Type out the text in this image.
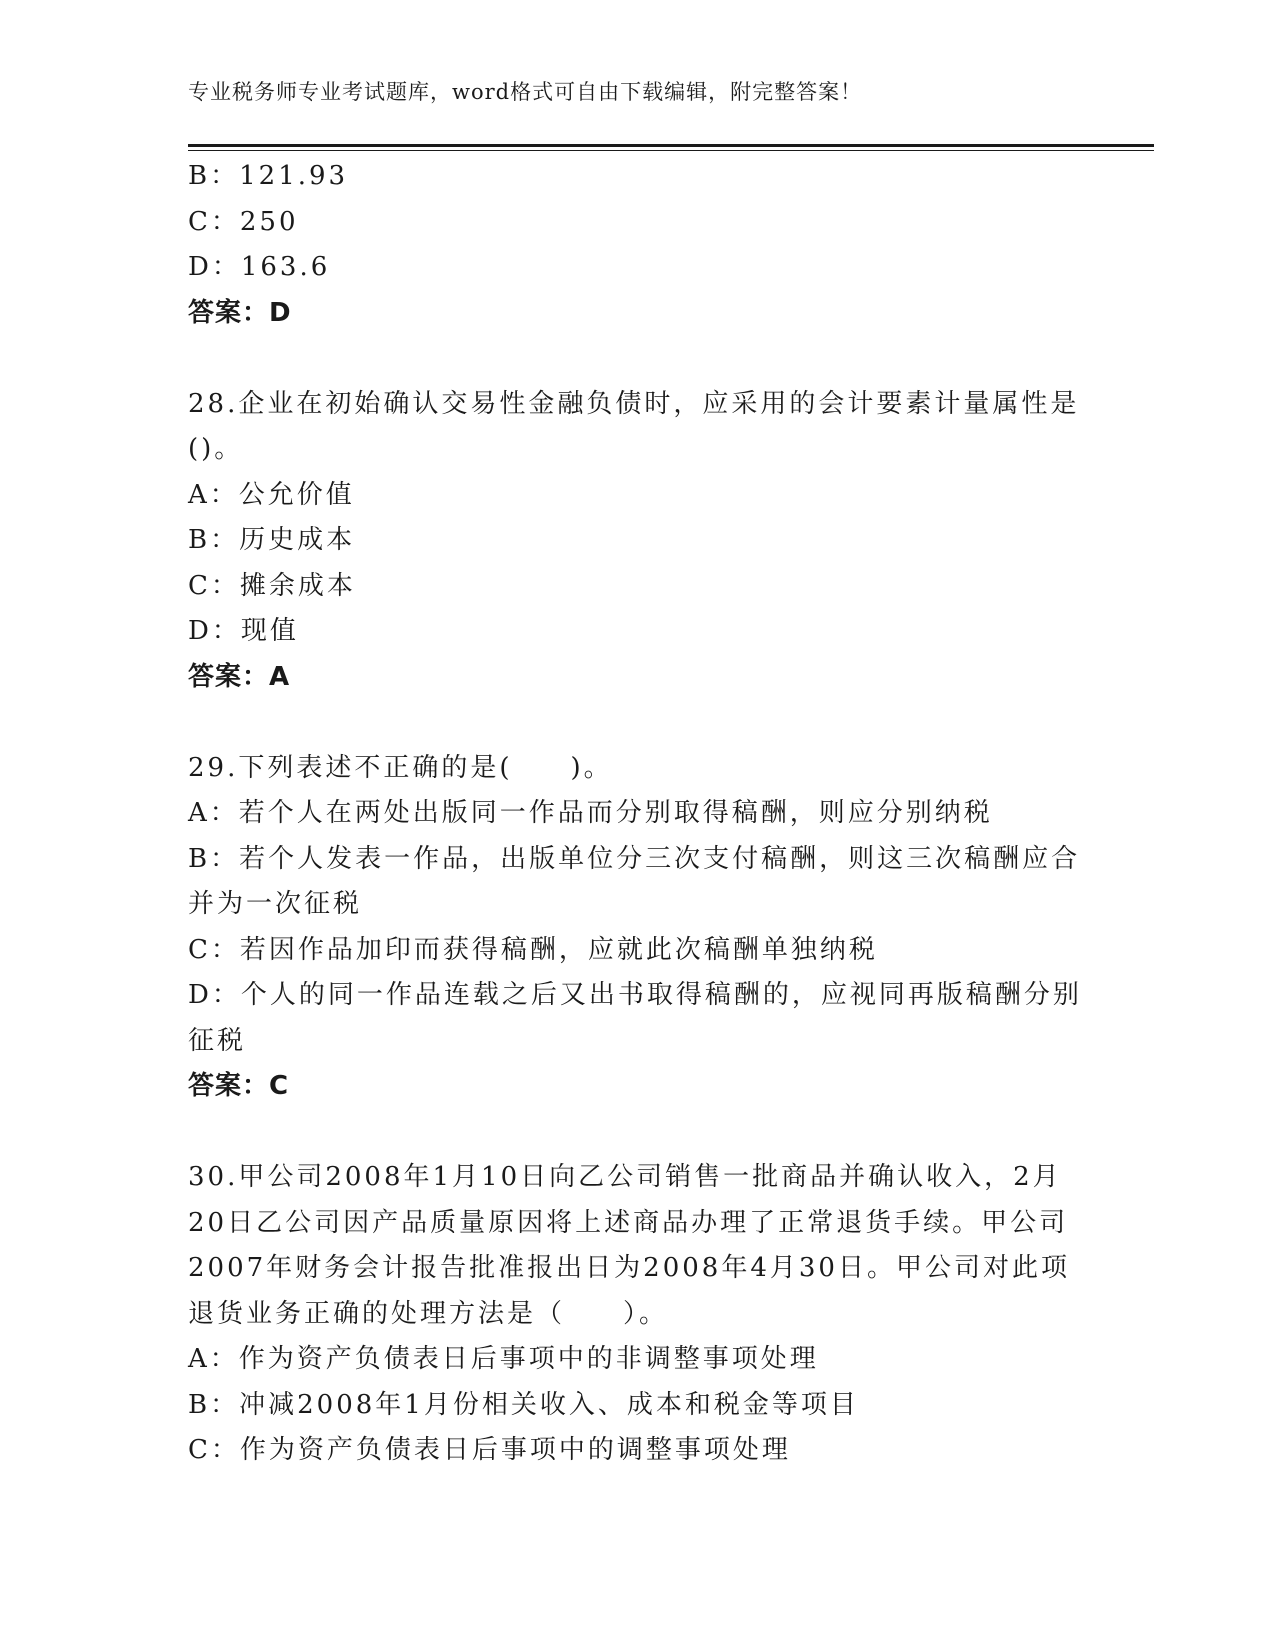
专业税务师专业考试题库，word格式可自由下载编辑，附完整答案！
B：121.93
C：250
D：163.6
答案：D
28.企业在初始确认交易性金融负债时，应采用的会计要素计量属性是
()。
A：公允价值
B：历史成本
C：摊余成本
D：现值
答案：A
29.下列表述不正确的是(　　)。
A：若个人在两处出版同一作品而分别取得稿酬，则应分别纳税
B：若个人发表一作品，出版单位分三次支付稿酬，则这三次稿酬应合
并为一次征税
C：若因作品加印而获得稿酬，应就此次稿酬单独纳税
D：个人的同一作品连载之后又出书取得稿酬的，应视同再版稿酬分别
征税
答案：C
30.甲公司2008年1月10日向乙公司销售一批商品并确认收入，2月
20日乙公司因产品质量原因将上述商品办理了正常退货手续。甲公司
2007年财务会计报告批准报出日为2008年4月30日。甲公司对此项
退货业务正确的处理方法是（　　）。
A：作为资产负债表日后事项中的非调整事项处理
B：冲减2008年1月份相关收入、成本和税金等项目
C：作为资产负债表日后事项中的调整事项处理
